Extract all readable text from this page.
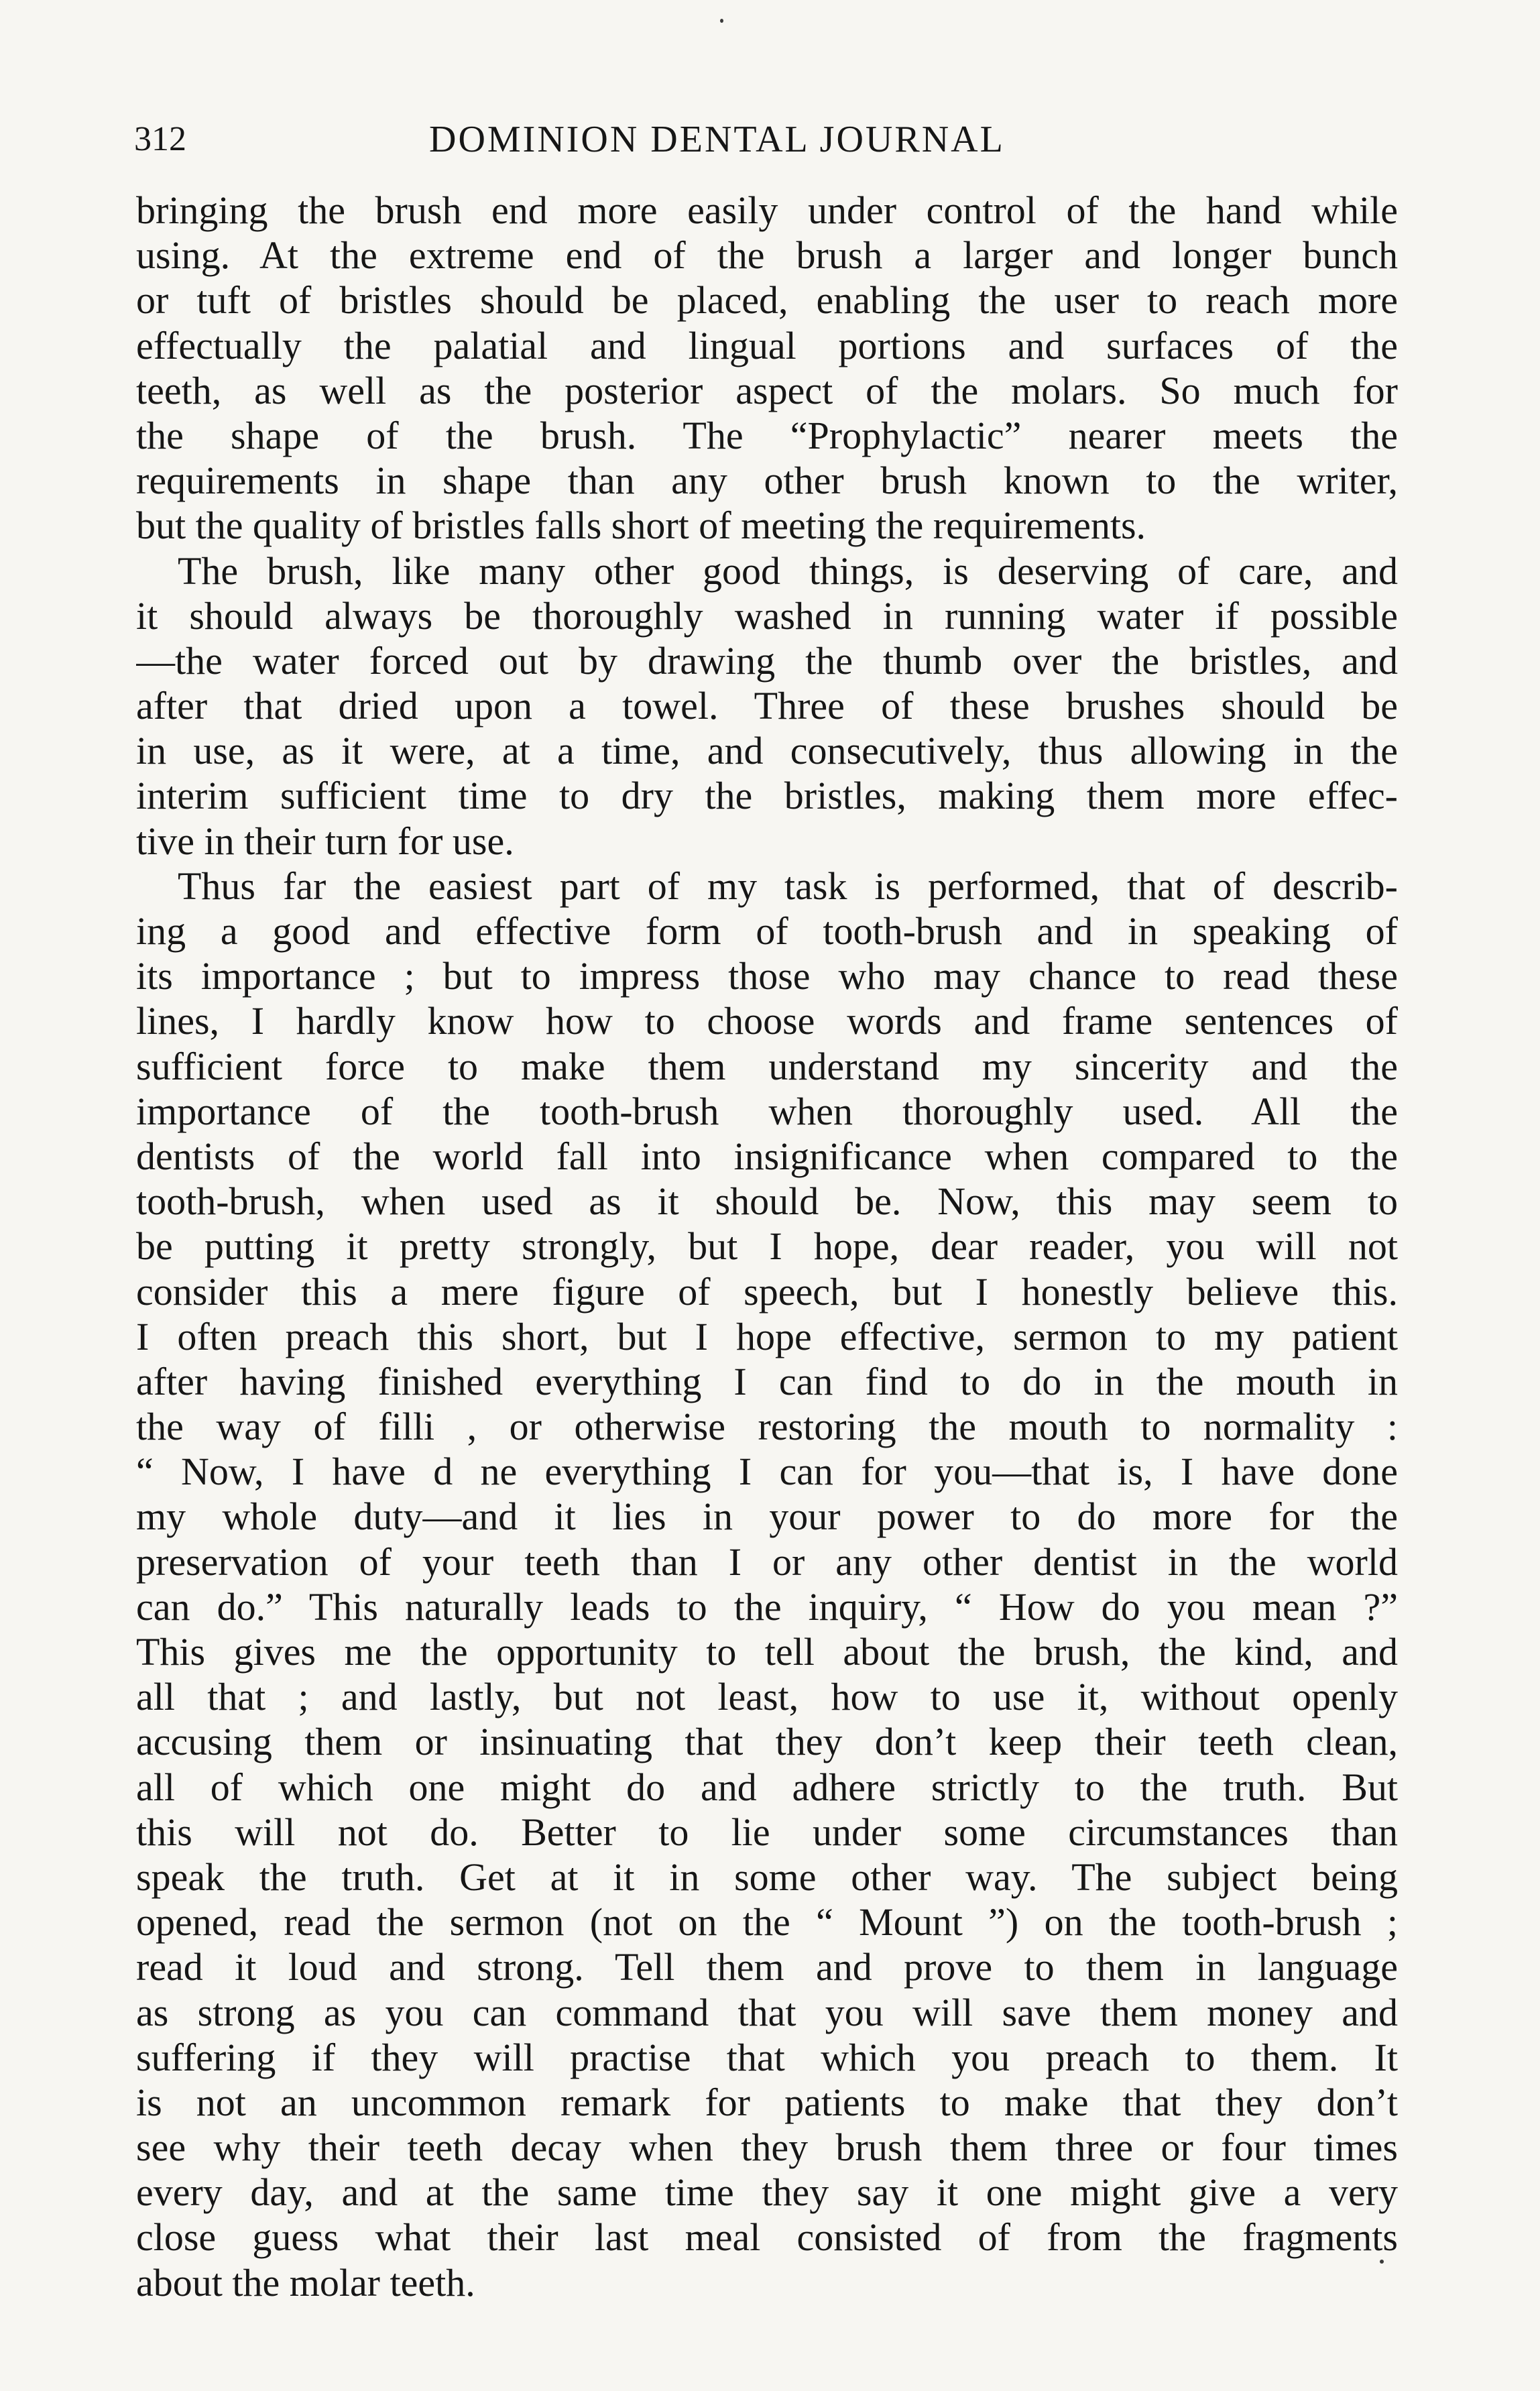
312	DOMINION DENTAL JOURNAL
bringing the brush end more easily under control of the hand while
using. At the extreme end of the brush a larger and longer bunch
or tuft of bristles should be placed, enabling the user to reach more
effectually the palatial and lingual portions and surfaces of the
teeth, as well as the posterior aspect of the molars. So much for
the shape of the brush. The “Prophylactic” nearer meets the
requirements in shape than any other brush known to the writer,
but the quality of bristles falls short of meeting the requirements.
The brush, like many other good things, is deserving of care, and
it should always be thoroughly washed in running water if possible
—the water forced out by drawing the thumb over the bristles, and
after that dried upon a towel. Three of these brushes should be
in use, as it were, at a time, and consecutively, thus allowing in the
interim sufficient time to dry the bristles, making them more effec-
tive in their turn for use.
Thus far the easiest part of my task is performed, that of describ-
ing a good and effective form of tooth-brush and in speaking of
its importance ; but to impress those who may chance to read these
lines, I hardly know how to choose words and frame sentences of
sufficient force to make them understand my sincerity and the
importance of the tooth-brush when thoroughly used. All the
dentists of the world fall into insignificance when compared to the
tooth-brush, when used as it should be. Now, this may seem to
be putting it pretty strongly, but I hope, dear reader, you will not
consider this a mere figure of speech, but I honestly believe this.
I often preach this short, but I hope effective, sermon to my patient
after having finished everything I can find to do in the mouth in
the way of filli , or otherwise restoring the mouth to normality :
“ Now, I have d ne everything I can for you—that is, I have done
my whole duty—and it lies in your power to do more for the
preservation of your teeth than I or any other dentist in the world
can do.” This naturally leads to the inquiry, “ How do you mean ?”
This gives me the opportunity to tell about the brush, the kind, and
all that ; and lastly, but not least, how to use it, without openly
accusing them or insinuating that they don’t keep their teeth clean,
all of which one might do and adhere strictly to the truth. But
this will not do. Better to lie under some circumstances than
speak the truth. Get at it in some other way. The subject being
opened, read the sermon (not on the “ Mount ”) on the tooth-brush ;
read it loud and strong. Tell them and prove to them in language
as strong as you can command that you will save them money and
suffering if they will practise that which you preach to them. It
is not an uncommon remark for patients to make that they don’t
see why their teeth decay when they brush them three or four times
every day, and at the same time they say it one might give a very
close guess what their last meal consisted of from the fragments
about the molar teeth.
